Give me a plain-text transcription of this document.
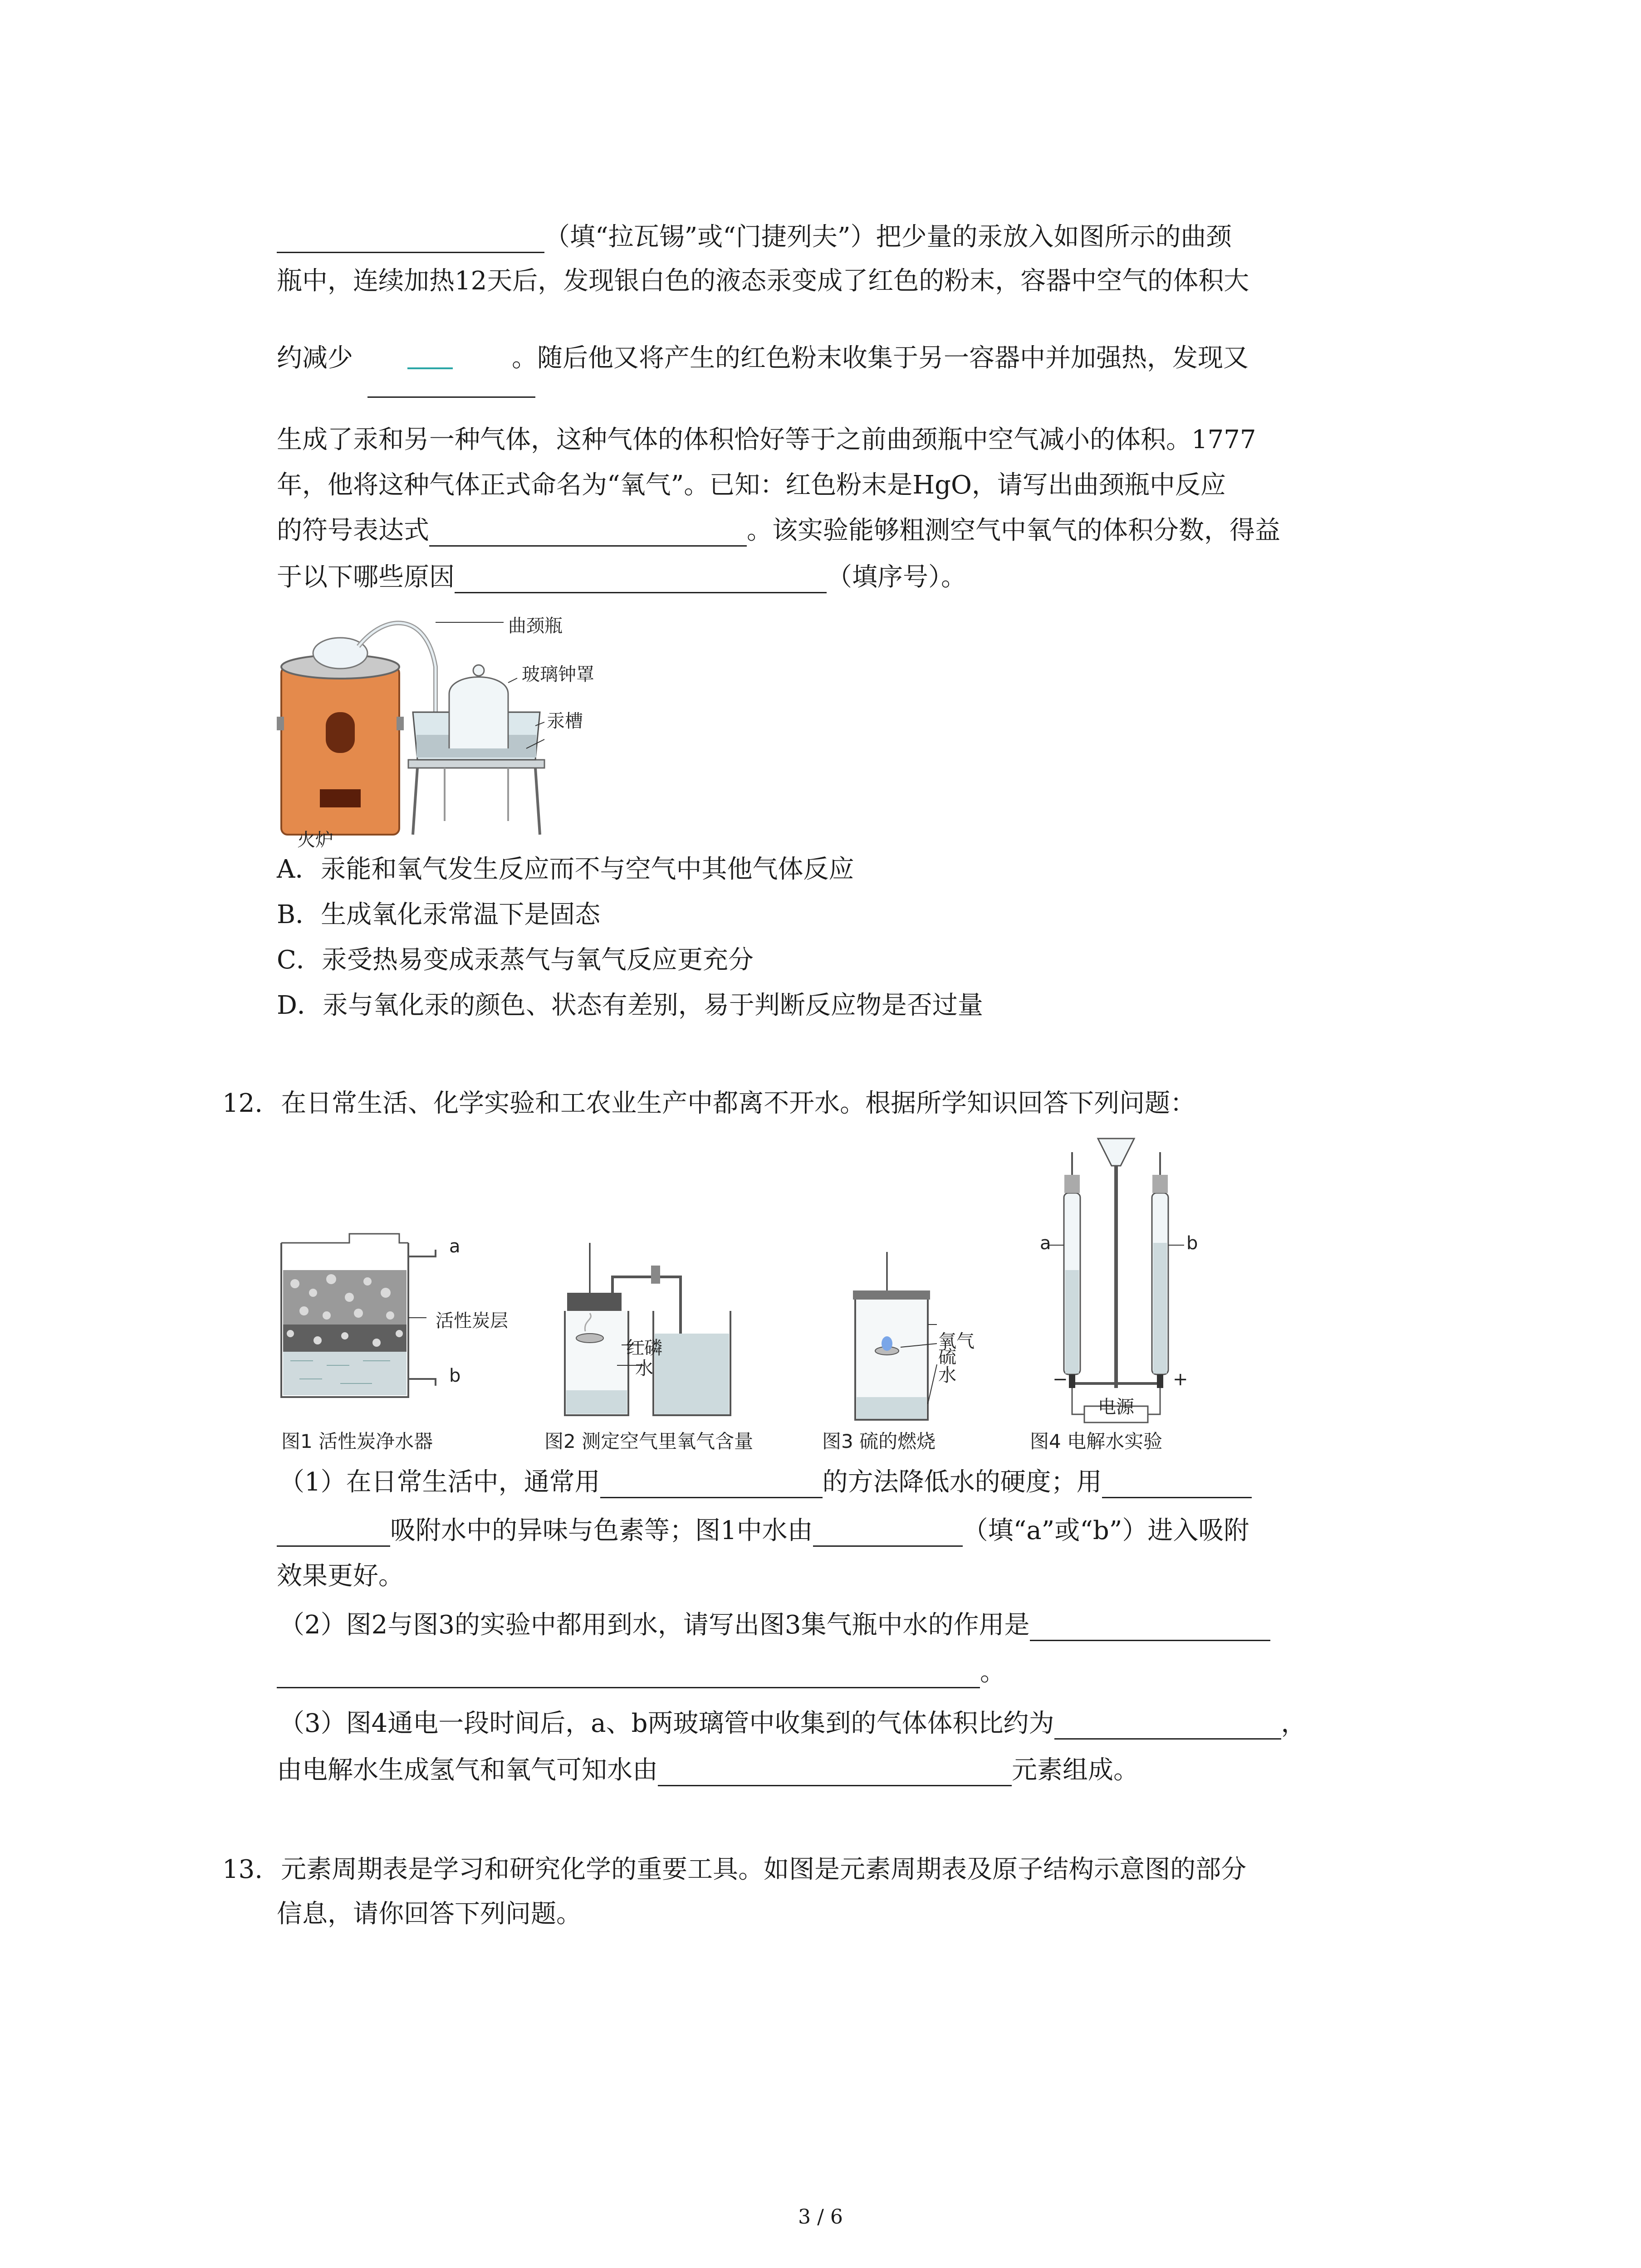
（填“拉瓦锡”或“门捷列夫”）把少量的汞放入如图所示的曲颈
瓶中，连续加热12天后，发现银白色的液态汞变成了红色的粉末，容器中空气的体积大
约减少	。随后他又将产生的红色粉末收集于另一容器中并加强热，发现又
生成了汞和另一种气体，这种气体的体积恰好等于之前曲颈瓶中空气减小的体积。1777
年，他将这种气体正式命名为“氧气”。已知：红色粉末是HgO，请写出曲颈瓶中反应
的符号表达式	。该实验能够粗测空气中氧气的体积分数，得益
于以下哪些原因	（填序号）。
曲颈瓶
玻璃钟罩
汞槽
火炉
A．汞能和氧气发生反应而不与空气中其他气体反应
B．生成氧化汞常温下是固态
C．汞受热易变成汞蒸气与氧气反应更充分
D．汞与氧化汞的颜色、状态有差别，易于判断反应物是否过量
12. 在日常生活、化学实验和工农业生产中都离不开水。根据所学知识回答下列问题：
a
b
活性炭层
图1 活性炭净水器
红磷
水
图2 测定空气里氧气含量
氧气
硫
水
图3 硫的燃烧
a	b
−	+
电源
图4 电解水实验
（1）在日常生活中，通常用	的方法降低水的硬度；用
吸附水中的异味与色素等；图1中水由	（填“a”或“b”）进入吸附
效果更好。
（2）图2与图3的实验中都用到水，请写出图3集气瓶中水的作用是
。
（3）图4通电一段时间后，a、b两玻璃管中收集到的气体体积比约为	，
由电解水生成氢气和氧气可知水由	元素组成。
13. 元素周期表是学习和研究化学的重要工具。如图是元素周期表及原子结构示意图的部分
信息，请你回答下列问题。
3 / 6
